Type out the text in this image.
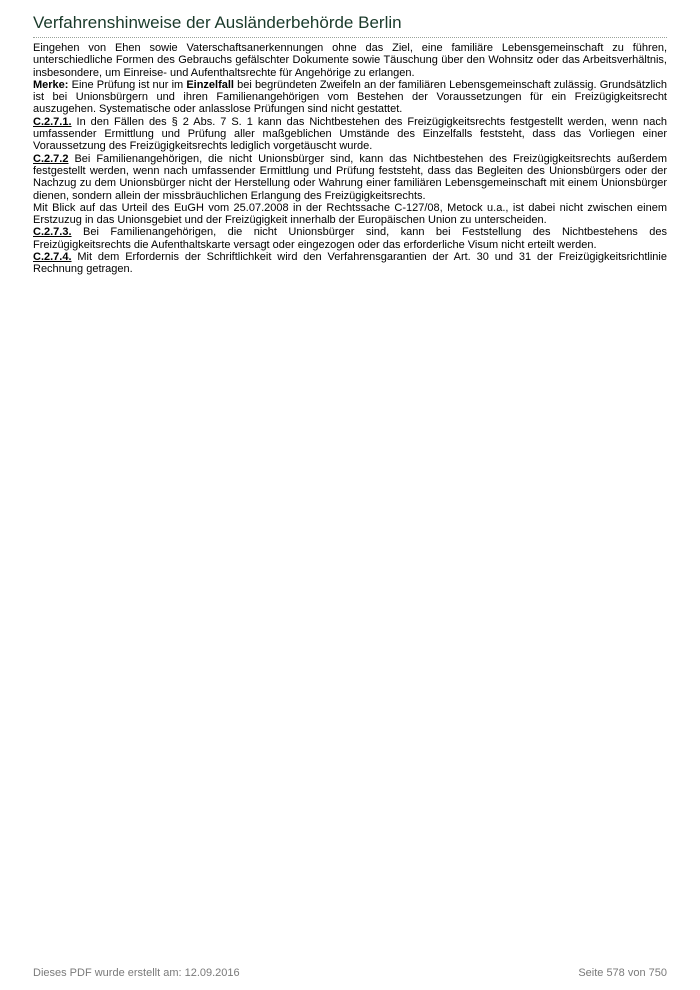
Verfahrenshinweise der Ausländerbehörde Berlin

Eingehen von Ehen sowie Vaterschaftsanerkennungen ohne das Ziel, eine familiäre Lebensgemeinschaft zu führen, unterschiedliche Formen des Gebrauchs gefälschter Dokumente sowie Täuschung über den Wohnsitz oder das Arbeitsverhältnis, insbesondere, um Einreise- und Aufenthaltsrechte für Angehörige zu erlangen.

Merke: Eine Prüfung ist nur im Einzelfall bei begründeten Zweifeln an der familiären Lebensgemeinschaft zulässig. Grundsätzlich ist bei Unionsbürgern und ihren Familienangehörigen vom Bestehen der Voraussetzungen für ein Freizügigkeitsrecht auszugehen. Systematische oder anlasslose Prüfungen sind nicht gestattet.

C.2.7.1. In den Fällen des § 2 Abs. 7 S. 1 kann das Nichtbestehen des Freizügigkeitsrechts festgestellt werden, wenn nach umfassender Ermittlung und Prüfung aller maßgeblichen Umstände des Einzelfalls feststeht, dass das Vorliegen einer Voraussetzung des Freizügigkeitsrechts lediglich vorgetäuscht wurde.

C.2.7.2 Bei Familienangehörigen, die nicht Unionsbürger sind, kann das Nichtbestehen des Freizügigkeitsrechts außerdem festgestellt werden, wenn nach umfassender Ermittlung und Prüfung feststeht, dass das Begleiten des Unionsbürgers oder der Nachzug zu dem Unionsbürger nicht der Herstellung oder Wahrung einer familiären Lebensgemeinschaft mit einem Unionsbürger dienen, sondern allein der missbräuchlichen Erlangung des Freizügigkeitsrechts.

Mit Blick auf das Urteil des EuGH vom 25.07.2008 in der Rechtssache C-127/08, Metock u.a., ist dabei nicht zwischen einem Erstzuzug in das Unionsgebiet und der Freizügigkeit innerhalb der Europäischen Union zu unterscheiden.

C.2.7.3. Bei Familienangehörigen, die nicht Unionsbürger sind, kann bei Feststellung des Nichtbestehens des Freizügigkeitsrechts die Aufenthaltskarte versagt oder eingezogen oder das erforderliche Visum nicht erteilt werden.

C.2.7.4. Mit dem Erfordernis der Schriftlichkeit wird den Verfahrensgarantien der Art. 30 und 31 der Freizügigkeitsrichtlinie Rechnung getragen.

Dieses PDF wurde erstellt am: 12.09.2016	Seite 578 von 750
